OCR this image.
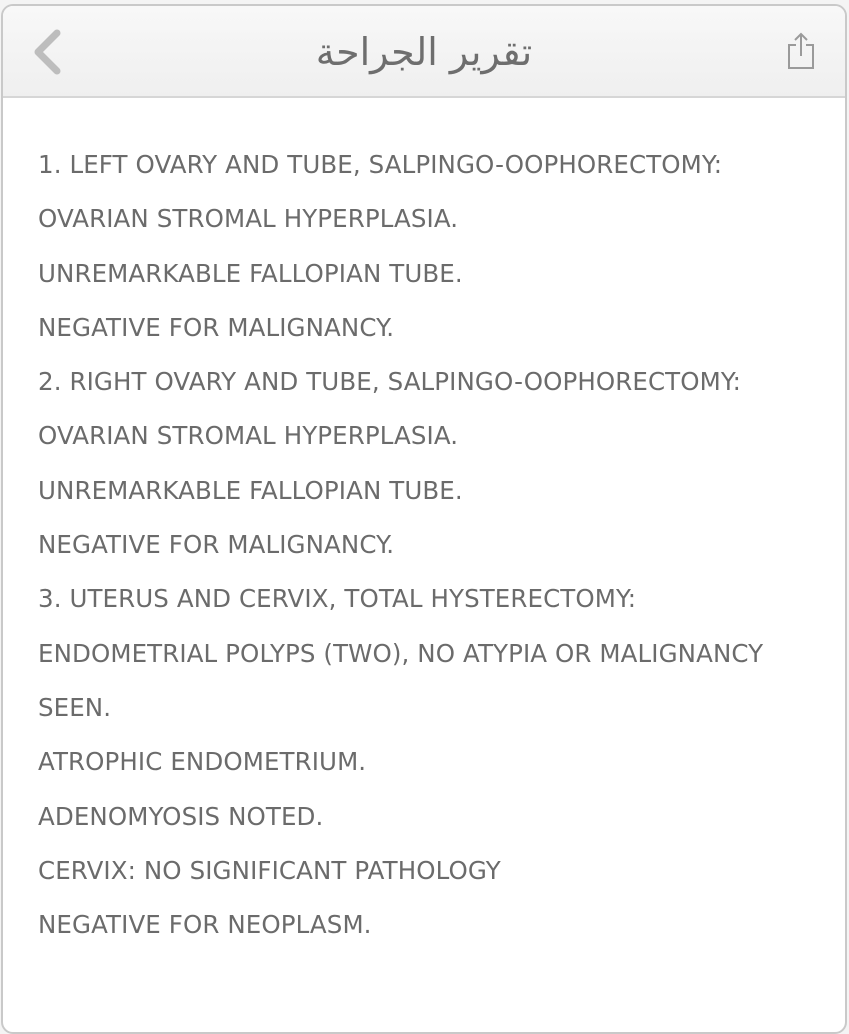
تقرير الجراحة
1. LEFT OVARY AND TUBE, SALPINGO-OOPHORECTOMY:
OVARIAN STROMAL HYPERPLASIA.
UNREMARKABLE FALLOPIAN TUBE.
NEGATIVE FOR MALIGNANCY.
2. RIGHT OVARY AND TUBE, SALPINGO-OOPHORECTOMY:
OVARIAN STROMAL HYPERPLASIA.
UNREMARKABLE FALLOPIAN TUBE.
NEGATIVE FOR MALIGNANCY.
3. UTERUS AND CERVIX, TOTAL HYSTERECTOMY:
ENDOMETRIAL POLYPS (TWO), NO ATYPIA OR MALIGNANCY
SEEN.
ATROPHIC ENDOMETRIUM.
ADENOMYOSIS NOTED.
CERVIX: NO SIGNIFICANT PATHOLOGY
NEGATIVE FOR NEOPLASM.
